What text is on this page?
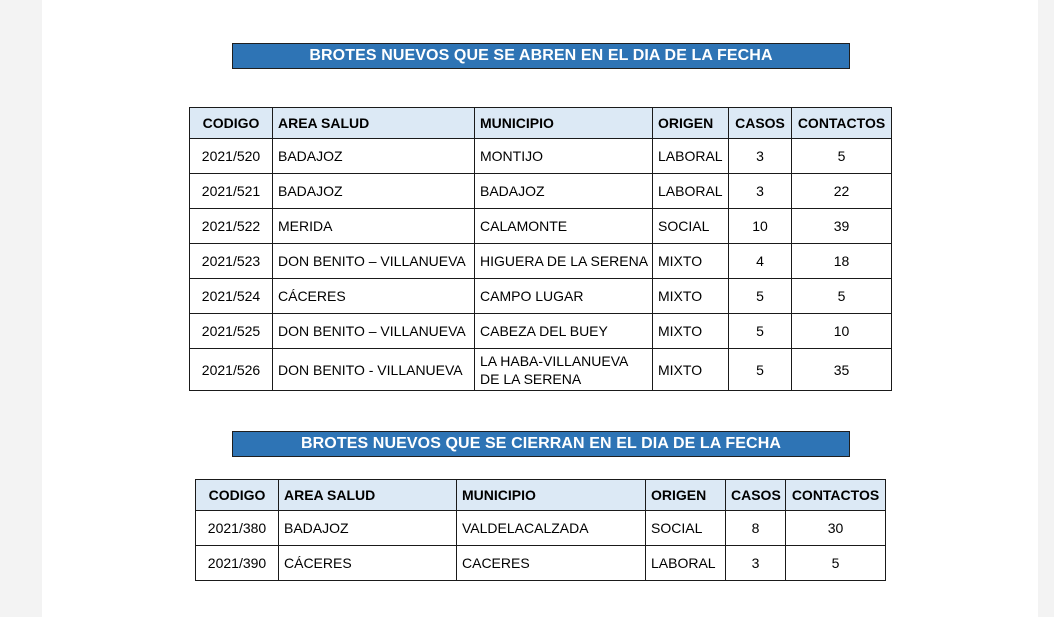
BROTES NUEVOS QUE SE ABREN EN EL DIA DE LA FECHA
CODIGO	AREA SALUD	MUNICIPIO	ORIGEN	CASOS	CONTACTOS
2021/520	BADAJOZ	MONTIJO	LABORAL	3	5
2021/521	BADAJOZ	BADAJOZ	LABORAL	3	22
2021/522	MERIDA	CALAMONTE	SOCIAL	10	39
2021/523	DON BENITO – VILLANUEVA	HIGUERA DE LA SERENA	MIXTO	4	18
2021/524	CÁCERES	CAMPO LUGAR	MIXTO	5	5
2021/525	DON BENITO – VILLANUEVA	CABEZA DEL BUEY	MIXTO	5	10
2021/526	DON BENITO - VILLANUEVA	LA HABA-VILLANUEVA DE LA SERENA	MIXTO	5	35
BROTES NUEVOS QUE SE CIERRAN EN EL DIA DE LA FECHA
CODIGO	AREA SALUD	MUNICIPIO	ORIGEN	CASOS	CONTACTOS
2021/380	BADAJOZ	VALDELACALZADA	SOCIAL	8	30
2021/390	CÁCERES	CACERES	LABORAL	3	5
